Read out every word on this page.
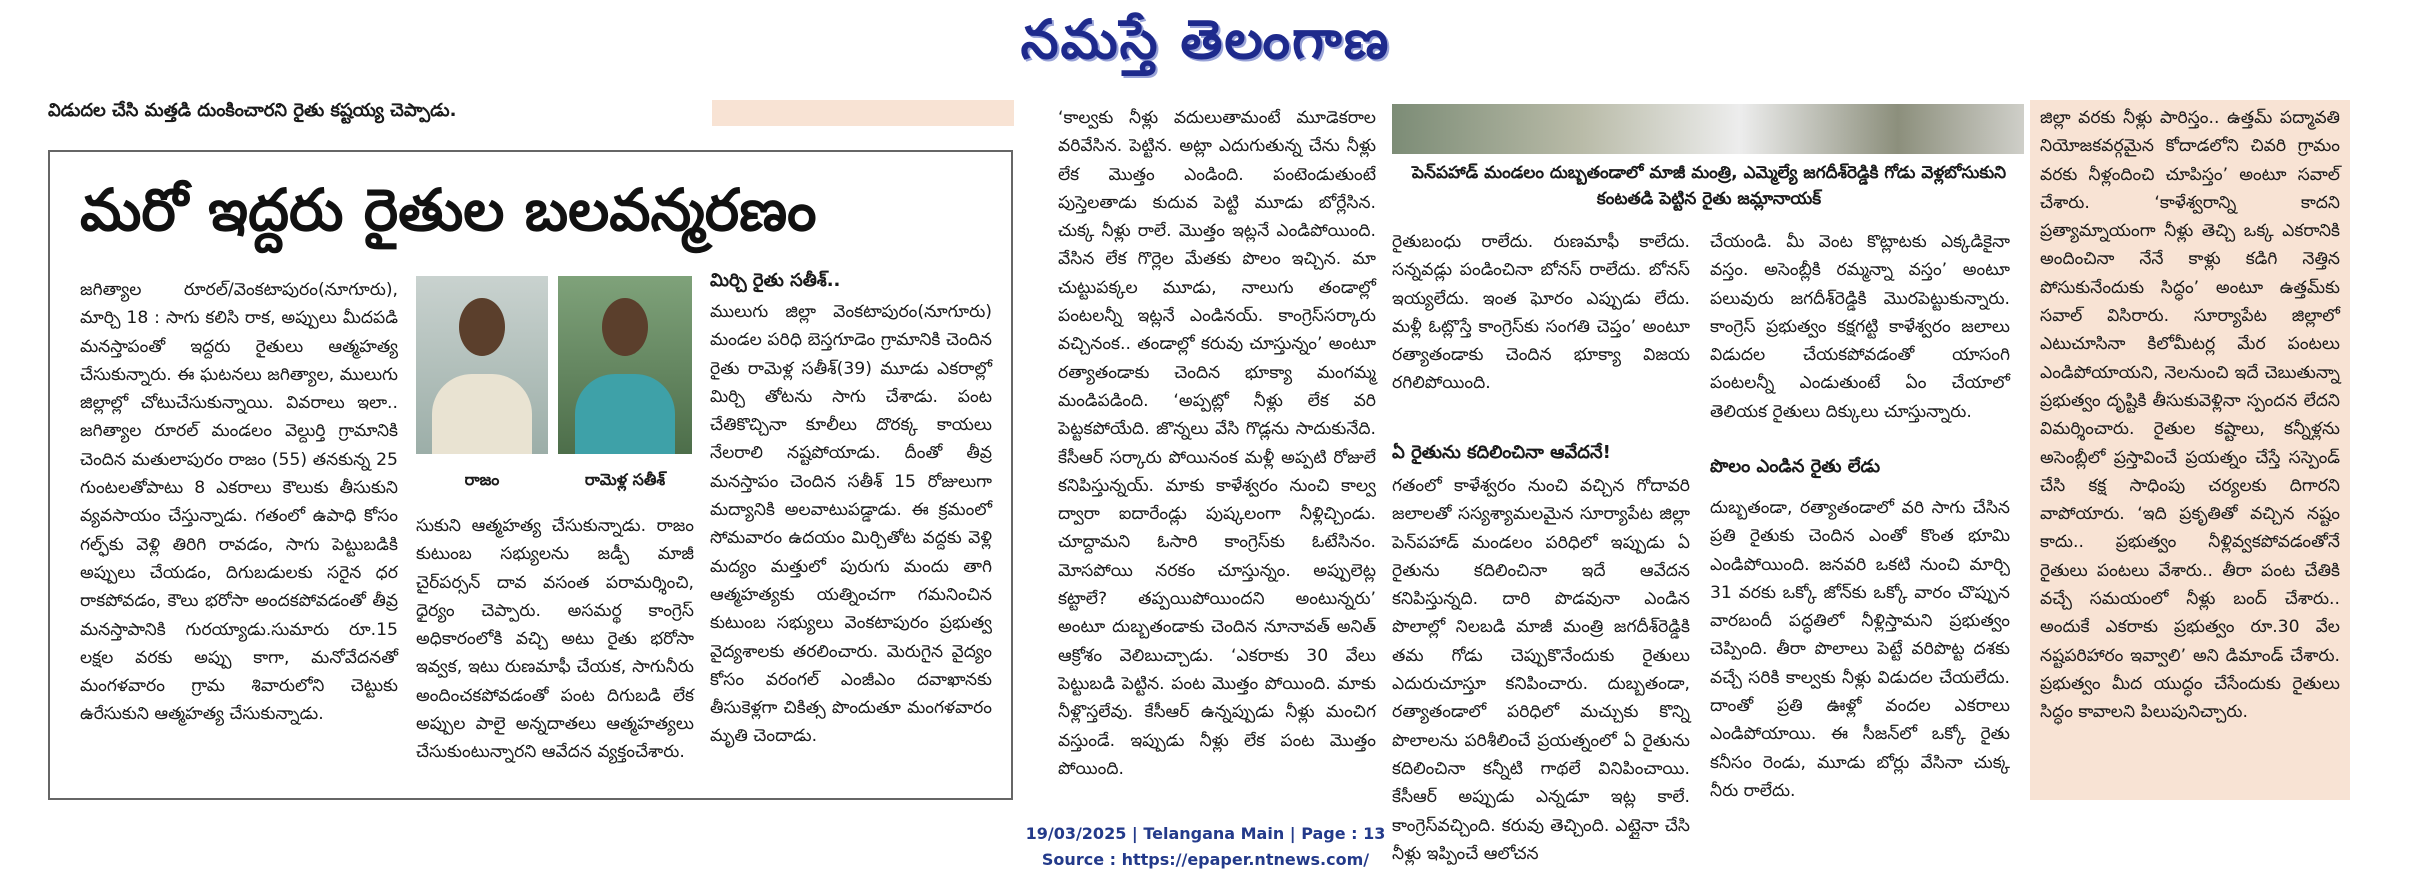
నమస్తే తెలంగాణ
విడుదల చేసి మత్తడి దుంకించారని రైతు కష్టయ్య చెప్పాడు.
మరో ఇద్దరు రైతుల బలవన్మరణం
జగిత్యాల రూరల్‌/వెంకటాపురం(నూగూరు), మార్చి 18 : సాగు కలిసి రాక, అప్పులు మీదపడి మనస్తాపంతో ఇద్దరు రైతులు ఆత్మహత్య చేసుకున్నారు. ఈ ఘటనలు జగిత్యాల, ములుగు జిల్లాల్లో చోటుచేసుకున్నాయి. వివరాలు ఇలా.. జగిత్యాల రూరల్‌ మండలం వెల్దుర్తి గ్రామానికి చెందిన మతులాపురం రాజం (55) తనకున్న 25 గుంటలతోపాటు 8 ఎకరాలు కౌలుకు తీసుకుని వ్యవసాయం చేస్తున్నాడు. గతంలో ఉపాధి కోసం గల్ఫ్‌కు వెళ్లి తిరిగి రావడం, సాగు పెట్టుబడికి అప్పులు చేయడం, దిగుబడులకు సరైన ధర రాకపోవడం, కౌలు భరోసా అందకపోవడంతో తీవ్ర మనస్తాపానికి గురయ్యాడు.సుమారు రూ.15 లక్షల వరకు అప్పు కాగా, మనోవేదనతో మంగళవారం గ్రామ శివారులోని చెట్టుకు ఉరేసుకుని ఆత్మహత్య చేసుకున్నాడు.
రాజం	రామెళ్ల సతీశ్‌
సుకుని ఆత్మహత్య చేసుకున్నాడు. రాజం కుటుంబ సభ్యులను జడ్పీ మాజీ చైర్‌పర్సన్‌ దావ వసంత పరామర్శించి, ధైర్యం చెప్పారు. అసమర్థ కాంగ్రెస్‌ అధికారంలోకి వచ్చి అటు రైతు భరోసా ఇవ్వక, ఇటు రుణమాఫీ చేయక, సాగునీరు అందించకపోవడంతో పంట దిగుబడి లేక అప్పుల పాలై అన్నదాతలు ఆత్మహత్యలు చేసుకుంటున్నారని ఆవేదన వ్యక్తంచేశారు.
మిర్చి రైతు సతీశ్‌..
ములుగు జిల్లా వెంకటాపురం(నూగూరు) మండల పరిధి బెస్తగూడెం గ్రామానికి చెందిన రైతు రామెళ్ల సతీశ్‌(39) మూడు ఎకరాల్లో మిర్చి తోటను సాగు చేశాడు. పంట చేతికొచ్చినా కూలీలు దొరక్క కాయలు నేలరాలి నష్టపోయాడు. దీంతో తీవ్ర మనస్తాపం చెందిన సతీశ్‌ 15 రోజులుగా మద్యానికి అలవాటుపడ్డాడు. ఈ క్రమంలో సోమవారం ఉదయం మిర్చితోట వద్దకు వెళ్లి మద్యం మత్తులో పురుగు మందు తాగి ఆత్మహత్యకు యత్నించగా గమనించిన కుటుంబ సభ్యులు వెంకటాపురం ప్రభుత్వ వైద్యశాలకు తరలించారు. మెరుగైన వైద్యం కోసం వరంగల్‌ ఎంజీఎం దవాఖానకు తీసుకెళ్లగా చికిత్స పొందుతూ మంగళవారం మృతి చెందాడు.
‘కాల్వకు నీళ్లు వదులుతామంటే మూడెకరాల వరివేసిన. పెట్టిన. అట్లా ఎదుగుతున్న చేను నీళ్లు లేక మొత్తం ఎండింది. పంటెండుతుంటే పుస్తెలతాడు కుదువ పెట్టి మూడు బోర్లేసిన. చుక్క నీళ్లు రాలే. మొత్తం ఇట్లనే ఎండిపోయింది. వేసిన లేక గొర్లెల మేతకు పొలం ఇచ్చిన. మా చుట్టుపక్కల మూడు, నాలుగు తండాల్లో పంటలన్నీ ఇట్లనే ఎండినయ్‌. కాంగ్రెస్‌సర్కారు వచ్చినంక.. తండాల్లో కరువు చూస్తున్నం’ అంటూ రత్యాతండాకు చెందిన భూక్యా మంగమ్మ మండిపడింది. ‘అప్పట్లో నీళ్లు లేక వరి పెట్టకపోయేది. జొన్నలు వేసి గొడ్లను సాదుకునేది. కేసీఆర్‌ సర్కారు పోయినంక మళ్లీ అప్పటి రోజులే కనిపిస్తున్నయ్‌. మాకు కాళేశ్వరం నుంచి కాల్వ ద్వారా ఐదారేండ్లు పుష్కలంగా నీళ్లిచ్చిండు. చూద్దామని ఓసారి కాంగ్రెస్‌కు ఓటేసినం. మోసపోయి నరకం చూస్తున్నం. అప్పులెట్ల కట్టాలే? తప్పయిపోయిందని అంటున్నరు’ అంటూ దుబ్బతండాకు చెందిన నూనావత్‌ అనిత్‌ ఆక్రోశం వెలిబుచ్చాడు. ‘ఎకరాకు 30 వేలు పెట్టుబడి పెట్టిన. పంట మొత్తం పోయింది. మాకు నీళ్లొస్తలేవు. కేసీఆర్‌ ఉన్నప్పుడు నీళ్లు మంచిగ వస్తుండే. ఇప్పుడు నీళ్లు లేక పంట మొత్తం పోయింది.
పెన్‌పహాడ్‌ మండలం దుబ్బతండాలో మాజీ మంత్రి, ఎమ్మెల్యే జగదీశ్‌రెడ్డికి గోడు వెళ్లబోసుకుని కంటతడి పెట్టిన రైతు జమ్లానాయక్‌
రైతుబంధు రాలేదు. రుణమాఫీ కాలేదు. సన్నవడ్లు పండించినా బోనస్‌ రాలేదు. బోనస్‌ ఇయ్యలేదు. ఇంత ఘోరం ఎప్పుడు లేదు. మళ్లీ ఓట్లొస్తే కాంగ్రెస్‌కు సంగతి చెప్తం’ అంటూ రత్యాతండాకు చెందిన భూక్యా విజయ రగిలిపోయింది.
ఏ రైతును కదిలించినా ఆవేదనే!
గతంలో కాళేశ్వరం నుంచి వచ్చిన గోదావరి జలాలతో సస్యశ్యామలమైన సూర్యాపేట జిల్లా పెన్‌పహాడ్‌ మండలం పరిధిలో ఇప్పుడు ఏ రైతును కదిలించినా ఇదే ఆవేదన కనిపిస్తున్నది. దారి పొడవునా ఎండిన పొలాల్లో నిలబడి మాజీ మంత్రి జగదీశ్‌రెడ్డికి తమ గోడు చెప్పుకొనేందుకు రైతులు ఎదురుచూస్తూ కనిపించారు. దుబ్బతండా, రత్యాతండాలో పరిధిలో మచ్చుకు కొన్ని పొలాలను పరిశీలించే ప్రయత్నంలో ఏ రైతును కదిలించినా కన్నీటి గాథలే వినిపించాయి. కేసీఆర్‌ అప్పుడు ఎన్నడూ ఇట్ల కాలే. కాంగ్రెస్‌వచ్చింది. కరువు తెచ్చింది. ఎట్లైనా చేసి నీళ్లు ఇప్పించే ఆలోచన
చేయండి. మీ వెంట కొట్లాటకు ఎక్కడికైనా వస్తం. అసెంబ్లీకి రమ్మన్నా వస్తం’ అంటూ పలువురు జగదీశ్‌రెడ్డికి మొరపెట్టుకున్నారు. కాంగ్రెస్‌ ప్రభుత్వం కక్షగట్టి కాళేశ్వరం జలాలు విడుదల చేయకపోవడంతో యాసంగి పంటలన్నీ ఎండుతుంటే ఏం చేయాలో తెలియక రైతులు దిక్కులు చూస్తున్నారు.
పొలం ఎండిన రైతు లేడు
దుబ్బతండా, రత్యాతండాలో వరి సాగు చేసిన ప్రతి రైతుకు చెందిన ఎంతో కొంత భూమి ఎండిపోయింది. జనవరి ఒకటి నుంచి మార్చి 31 వరకు ఒక్కో జోన్‌కు ఒక్కో వారం చొప్పున వారబందీ పద్ధతిలో నీళ్లిస్తామని ప్రభుత్వం చెప్పింది. తీరా పొలాలు పెట్టే వరిపొట్ట దశకు వచ్చే సరికి కాల్వకు నీళ్లు విడుదల చేయలేదు. దాంతో ప్రతి ఊళ్లో వందల ఎకరాలు ఎండిపోయాయి. ఈ సీజన్‌లో ఒక్కో రైతు కనీసం రెండు, మూడు బోర్లు వేసినా చుక్క నీరు రాలేదు.
జిల్లా వరకు నీళ్లు పారిస్తం.. ఉత్తమ్‌ పద్మావతి నియోజకవర్గమైన కోదాడలోని చివరి గ్రామం వరకు నీళ్లందించి చూపిస్తం’ అంటూ సవాల్‌ చేశారు. ‘కాళేశ్వరాన్ని కాదని ప్రత్యామ్నాయంగా నీళ్లు తెచ్చి ఒక్క ఎకరానికి అందించినా నేనే కాళ్లు కడిగి నెత్తిన పోసుకునేందుకు సిద్ధం’ అంటూ ఉత్తమ్‌కు సవాల్‌ విసిరారు. సూర్యాపేట జిల్లాలో ఎటుచూసినా కిలోమీటర్ల మేర పంటలు ఎండిపోయాయని, నెలనుంచి ఇదే చెబుతున్నా ప్రభుత్వం దృష్టికి తీసుకువెళ్లినా స్పందన లేదని విమర్శించారు. రైతుల కష్టాలు, కన్నీళ్లను అసెంబ్లీలో ప్రస్తావించే ప్రయత్నం చేస్తే సస్పెండ్‌ చేసి కక్ష సాధింపు చర్యలకు దిగారని వాపోయారు. ‘ఇది ప్రకృతితో వచ్చిన నష్టం కాదు.. ప్రభుత్వం నీళ్లివ్వకపోవడంతోనే రైతులు పంటలు వేశారు.. తీరా పంట చేతికి వచ్చే సమయంలో నీళ్లు బంద్‌ చేశారు.. అందుకే ఎకరాకు ప్రభుత్వం రూ.30 వేల నష్టపరిహారం ఇవ్వాలి’ అని డిమాండ్‌ చేశారు. ప్రభుత్వం మీద యుద్ధం చేసేందుకు రైతులు సిద్ధం కావాలని పిలుపునిచ్చారు.
19/03/2025 | Telangana Main | Page : 13
Source : https://epaper.ntnews.com/
